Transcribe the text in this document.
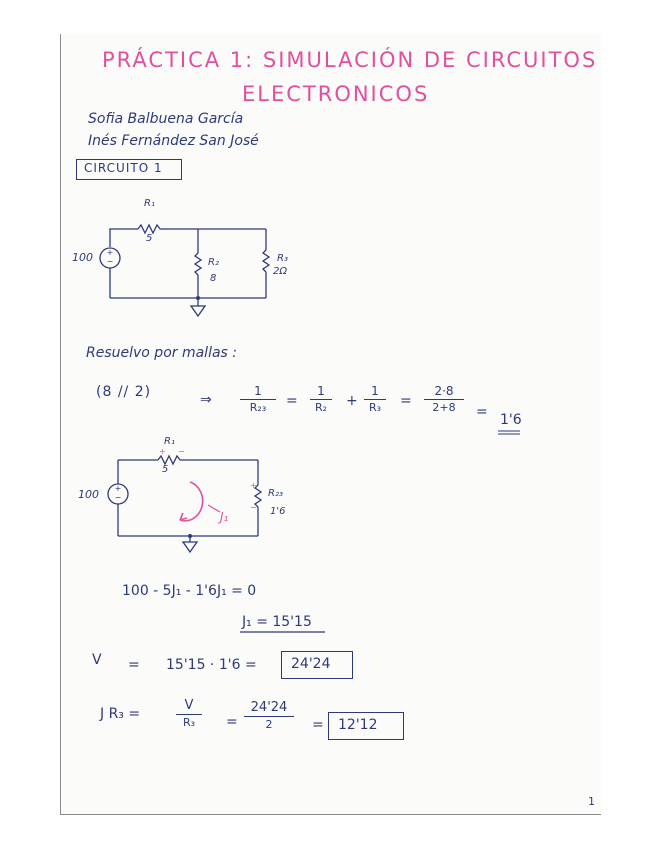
PRÁCTICA 1: SIMULACIÓN DE CIRCUITOS
ELECTRONICOS
Sofia Balbuena García
Inés Fernández San José
CIRCUITO 1
+
−
+
−
+ −
+
−
R₁
5
100	R₂
8
R₃
2Ω
Resuelvo por mallas :
(8 // 2)	⇒ $\frac{1}{\text{R₂₃}} = \frac{1}{\text{R₂}} + \frac{1}{\text{R₃}} = \frac{2\cdot 8}{2+8} = 1'6$
R₁
5
100	R₂₃
1'6
J₁
100 - 5J₁ - 1'6J₁ = 0
J₁ = 15'15
V = 15'15 · 1'6 = 24'24
J R₃ =
V
R₃	=
24'24
2	= 12'12
1
